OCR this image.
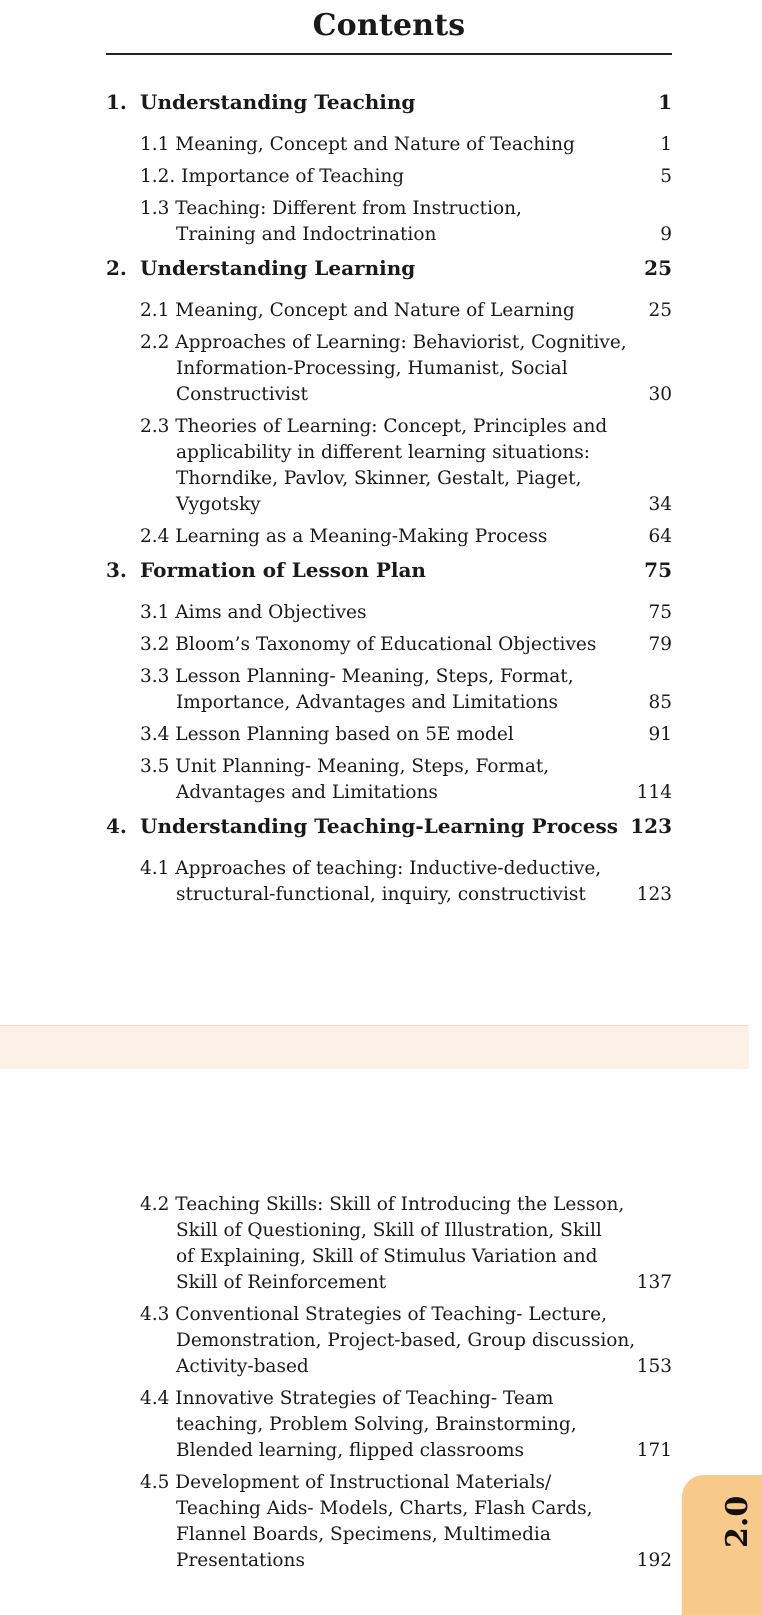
Contents
1. Understanding Teaching	1
1.1 Meaning, Concept and Nature of Teaching	1
1.2. Importance of Teaching	5
1.3 Teaching: Different from Instruction,
Training and Indoctrination	9
2. Understanding Learning	25
2.1 Meaning, Concept and Nature of Learning	25
2.2 Approaches of Learning: Behaviorist, Cognitive,
Information-Processing, Humanist, Social
Constructivist	30
2.3 Theories of Learning: Concept, Principles and
applicability in different learning situations:
Thorndike, Pavlov, Skinner, Gestalt, Piaget,
Vygotsky	34
2.4 Learning as a Meaning-Making Process	64
3. Formation of Lesson Plan	75
3.1 Aims and Objectives	75
3.2 Bloom’s Taxonomy of Educational Objectives	79
3.3 Lesson Planning- Meaning, Steps, Format,
Importance, Advantages and Limitations	85
3.4 Lesson Planning based on 5E model	91
3.5 Unit Planning- Meaning, Steps, Format,
Advantages and Limitations	114
4. Understanding Teaching-Learning Process 123
4.1 Approaches of teaching: Inductive-deductive,
structural-functional, inquiry, constructivist	123
4.2 Teaching Skills: Skill of Introducing the Lesson,
Skill of Questioning, Skill of Illustration, Skill
of Explaining, Skill of Stimulus Variation and
Skill of Reinforcement	137
4.3 Conventional Strategies of Teaching- Lecture,
Demonstration, Project-based, Group discussion,
Activity-based	153
4.4 Innovative Strategies of Teaching- Team
teaching, Problem Solving, Brainstorming,
Blended learning, flipped classrooms	171
4.5 Development of Instructional Materials/
Teaching Aids- Models, Charts, Flash Cards,
Flannel Boards, Specimens, Multimedia
Presentations	192
2.0
